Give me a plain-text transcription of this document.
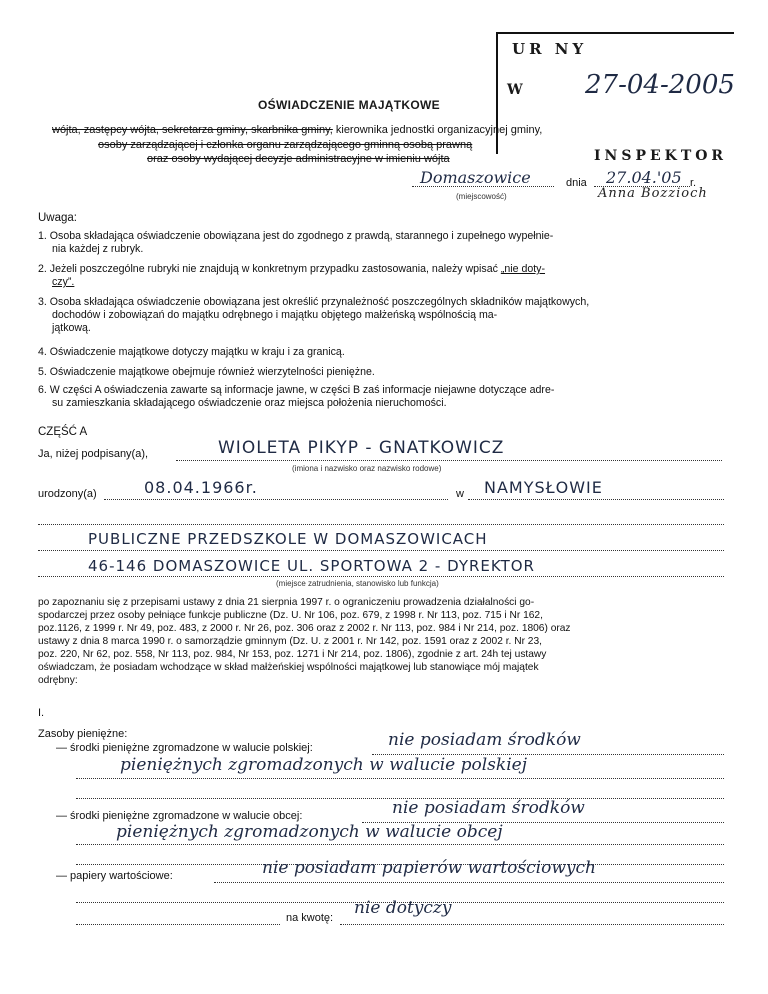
UR NY
W 27-04-2005
INSPEKTOR
Anna Bozzioch
OŚWIADCZENIE MAJĄTKOWE
wójta, zastępcy wójta, sekretarza gminy, skarbnika gminy, kierownika jednostki organizacyjnej gminy,
osoby zarządzającej i członka organu zarządzającego gminną osobą prawną
oraz osoby wydającej decyzje administracyjne w imieniu wójta
Domaszowice
(miejscowość)
dnia 27.04.'05 r.
Uwaga:
1. Osoba składająca oświadczenie obowiązana jest do zgodnego z prawdą, starannego i zupełnego wypełnie-
nia każdej z rubryk.
2. Jeżeli poszczególne rubryki nie znajdują w konkretnym przypadku zastosowania, należy wpisać „nie doty-
czy”.
3. Osoba składająca oświadczenie obowiązana jest określić przynależność poszczególnych składników majątkowych,
dochodów i zobowiązań do majątku odrębnego i majątku objętego małżeńską wspólnością ma-
jątkową.
4. Oświadczenie majątkowe dotyczy majątku w kraju i za granicą.
5. Oświadczenie majątkowe obejmuje również wierzytelności pieniężne.
6. W części A oświadczenia zawarte są informacje jawne, w części B zaś informacje niejawne dotyczące adre-
su zamieszkania składającego oświadczenie oraz miejsca położenia nieruchomości.
CZĘŚĆ A
Ja, niżej podpisany(a),	WIOLETA PIKYP - GNATKOWICZ
(imiona i nazwisko oraz nazwisko rodowe)
urodzony(a)	08.04.1966r.	w NAMYSŁOWIE
PUBLICZNE PRZEDSZKOLE W DOMASZOWICACH
46-146 DOMASZOWICE UL. SPORTOWA 2 - DYREKTOR
(miejsce zatrudnienia, stanowisko lub funkcja)
po zapoznaniu się z przepisami ustawy z dnia 21 sierpnia 1997 r. o ograniczeniu prowadzenia działalności go-
spodarczej przez osoby pełniące funkcje publiczne (Dz. U. Nr 106, poz. 679, z 1998 r. Nr 113, poz. 715 i Nr 162,
poz.1126, z 1999 r. Nr 49, poz. 483, z 2000 r. Nr 26, poz. 306 oraz z 2002 r. Nr 113, poz. 984 i Nr 214, poz. 1806) oraz
ustawy z dnia 8 marca 1990 r. o samorządzie gminnym (Dz. U. z 2001 r. Nr 142, poz. 1591 oraz z 2002 r. Nr 23,
poz. 220, Nr 62, poz. 558, Nr 113, poz. 984, Nr 153, poz. 1271 i Nr 214, poz. 1806), zgodnie z art. 24h tej ustawy
oświadczam, że posiadam wchodzące w skład małżeńskiej wspólności majątkowej lub stanowiące mój majątek
odrębny:
I.
Zasoby pieniężne:
— środki pieniężne zgromadzone w walucie polskiej:	nie posiadam środków
pieniężnych zgromadzonych w walucie polskiej
— środki pieniężne zgromadzone w walucie obcej:	nie posiadam środków
pieniężnych zgromadzonych w walucie obcej
— papiery wartościowe:	nie posiadam papierów wartościowych
na kwotę: nie dotyczy
